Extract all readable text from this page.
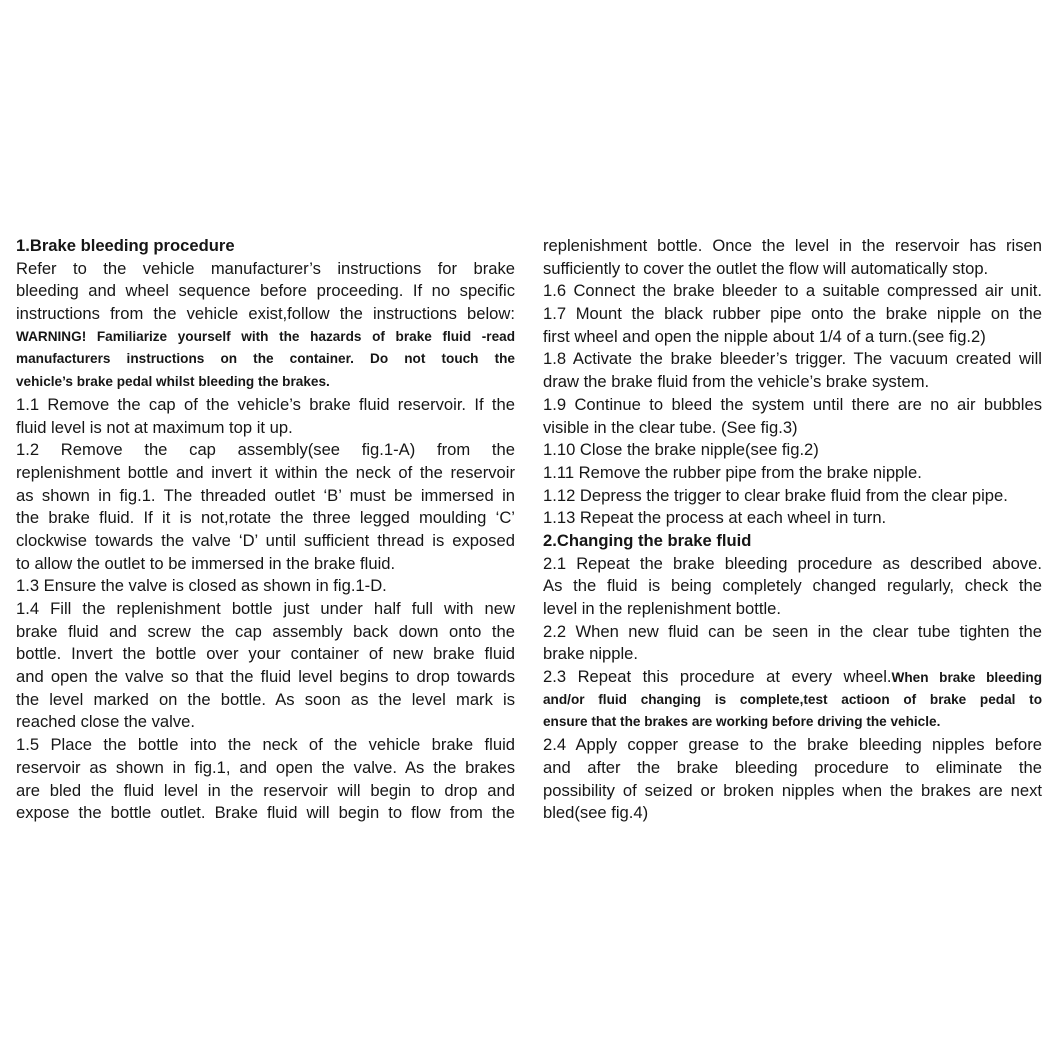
1.Brake bleeding procedure
Refer to the vehicle manufacturer’s instructions for brake
bleeding and wheel sequence before proceeding. If no specific
instructions from the vehicle exist,follow the instructions below:
WARNING! Familiarize yourself with the hazards of brake fluid -read
manufacturers instructions on the container. Do not touch the
vehicle’s brake pedal whilst bleeding the brakes.
1.1 Remove the cap of the vehicle’s brake fluid reservoir. If the
fluid level is not at maximum top it up.
1.2 Remove the cap assembly(see fig.1-A) from the
replenishment bottle and invert it within the neck of the reservoir
as shown in fig.1. The threaded outlet ‘B’ must be immersed in
the brake fluid. If it is not,rotate the three legged moulding ‘C’
clockwise towards the valve ‘D’ until sufficient thread is exposed
to allow the outlet to be immersed in the brake fluid.
1.3 Ensure the valve is closed as shown in fig.1-D.
1.4 Fill the replenishment bottle just under half full with new
brake fluid and screw the cap assembly back down onto the
bottle. Invert the bottle over your container of new brake fluid
and open the valve so that the fluid level begins to drop towards
the level marked on the bottle. As soon as the level mark is
reached close the valve.
1.5 Place the bottle into the neck of the vehicle brake fluid
reservoir as shown in fig.1, and open the valve. As the brakes
are bled the fluid level in the reservoir will begin to drop and
expose the bottle outlet. Brake fluid will begin to flow from the
replenishment bottle. Once the level in the reservoir has risen
sufficiently to cover the outlet the flow will automatically stop.
1.6 Connect the brake bleeder to a suitable compressed air unit.
1.7 Mount the black rubber pipe onto the brake nipple on the
first wheel and open the nipple about 1/4 of a turn.(see fig.2)
1.8 Activate the brake bleeder’s trigger. The vacuum created will
draw the brake fluid from the vehicle’s brake system.
1.9 Continue to bleed the system until there are no air bubbles
visible in the clear tube. (See fig.3)
1.10 Close the brake nipple(see fig.2)
1.11 Remove the rubber pipe from the brake nipple.
1.12 Depress the trigger to clear brake fluid from the clear pipe.
1.13 Repeat the process at each wheel in turn.
2.Changing the brake fluid
2.1 Repeat the brake bleeding procedure as described above.
As the fluid is being completely changed regularly, check the
level in the replenishment bottle.
2.2 When new fluid can be seen in the clear tube tighten the
brake nipple.
2.3 Repeat this procedure at every wheel.When brake bleeding
and/or fluid changing is complete,test actioon of brake pedal to
ensure that the brakes are working before driving the vehicle.
2.4 Apply copper grease to the brake bleeding nipples before
and after the brake bleeding procedure to eliminate the
possibility of seized or broken nipples when the brakes are next
bled(see fig.4)
